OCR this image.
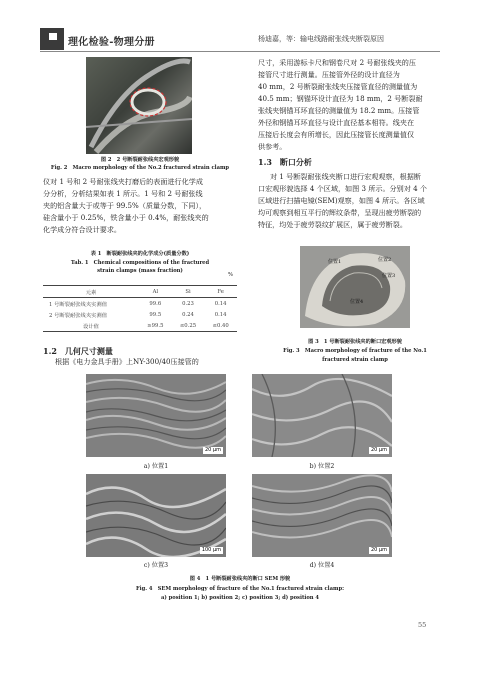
理化检验-物理分册	杨迪嘉，等：输电线路耐张线夹断裂原因
图 2　2 号断裂耐张线夹宏观形貌
Fig. 2　Macro morphology of the No.2 fractured strain clamp
仪对 1 号和 2 号耐张线夹打磨后的表面进行化学成
分分析，分析结果如表 1 所示。1 号和 2 号耐张线
夹的铝含量大于或等于 99.5%（质量分数，下同），
硅含量小于 0.25%，铁含量小于 0.4%，耐张线夹的
化学成分符合设计要求。
表 1　断裂耐张线夹的化学成分(质量分数)
Tab. 1　Chemical compositions of the fractured
strain clamps (mass fraction)
%
元素	Al	Si	Fe
1 号断裂耐张线夹实测值	99.6	0.23	0.14
2 号断裂耐张线夹实测值	99.5	0.24	0.14
设计值	≥99.5	≤0.25	≤0.40
1.2　几何尺寸测量
根据《电力金具手册》上NY-300/40压接管的
尺寸，采用游标卡尺和钢卷尺对 2 号耐张线夹的压
接管尺寸进行测量。压接管外径的设计直径为
40 mm，2 号断裂耐张线夹压接管直径的测量值为
40.5 mm；钢锚环设计直径为 18 mm，2 号断裂耐
张线夹钢锚耳环直径的测量值为 18.2 mm。压接管
外径和钢锚耳环直径与设计直径基本相符。线夹在
压接后长度会有所增长，因此压接管长度测量值仅
供参考。
1.3　断口分析
对 1 号断裂耐张线夹断口进行宏观观察，根据断
口宏观形貌选择 4 个区域，如图 3 所示。分别对 4 个
区域进行扫描电镜(SEM)观察，如图 4 所示。各区域
均可观察到相互平行的辉纹条带，呈现出疲劳断裂的
特征，均处于疲劳裂纹扩展区，属于疲劳断裂。
位置1	位置2
位置3
位置4
图 3　1 号断裂耐张线夹的断口宏观形貌
Fig. 3　Macro morphology of fracture of the No.1
fractured strain clamp
20 μm
a) 位置1
20 μm
b) 位置2
100 μm
c) 位置3
20 μm
d) 位置4
图 4　1 号断裂耐张线夹的断口 SEM 形貌
Fig. 4　SEM morphology of fracture of the No.1 fractured strain clamp:
a) position 1; b) position 2; c) position 3; d) position 4
55
